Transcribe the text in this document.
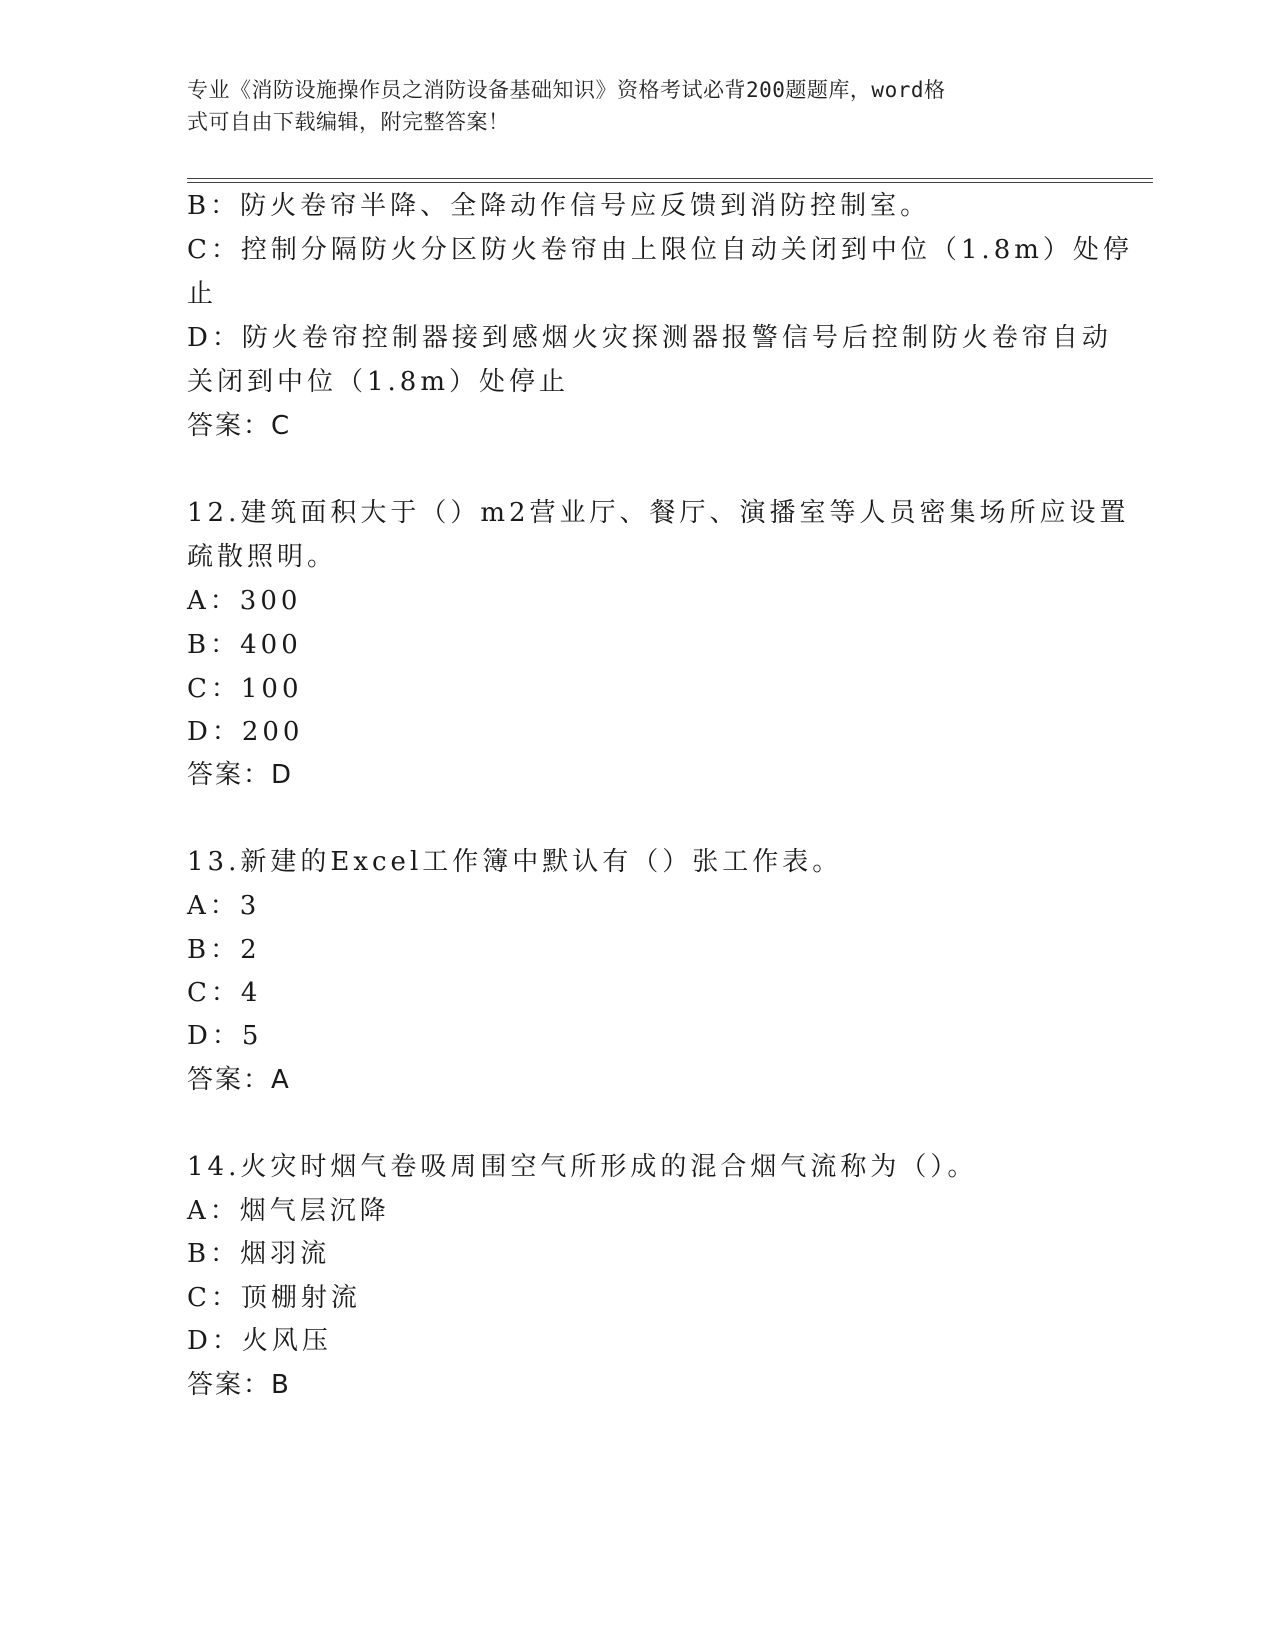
专业《消防设施操作员之消防设备基础知识》资格考试必背200题题库，word格
式可自由下载编辑，附完整答案！
B：防火卷帘半降、全降动作信号应反馈到消防控制室。
C：控制分隔防火分区防火卷帘由上限位自动关闭到中位（1.8m）处停
止
D：防火卷帘控制器接到感烟火灾探测器报警信号后控制防火卷帘自动
关闭到中位（1.8m）处停止
答案：C
12.建筑面积大于（）m2营业厅、餐厅、演播室等人员密集场所应设置
疏散照明。
A：300
B：400
C：100
D：200
答案：D
13.新建的Excel工作簿中默认有（）张工作表。
A：3
B：2
C：4
D：5
答案：A
14.火灾时烟气卷吸周围空气所形成的混合烟气流称为（）。
A：烟气层沉降
B：烟羽流
C：顶棚射流
D：火风压
答案：B
